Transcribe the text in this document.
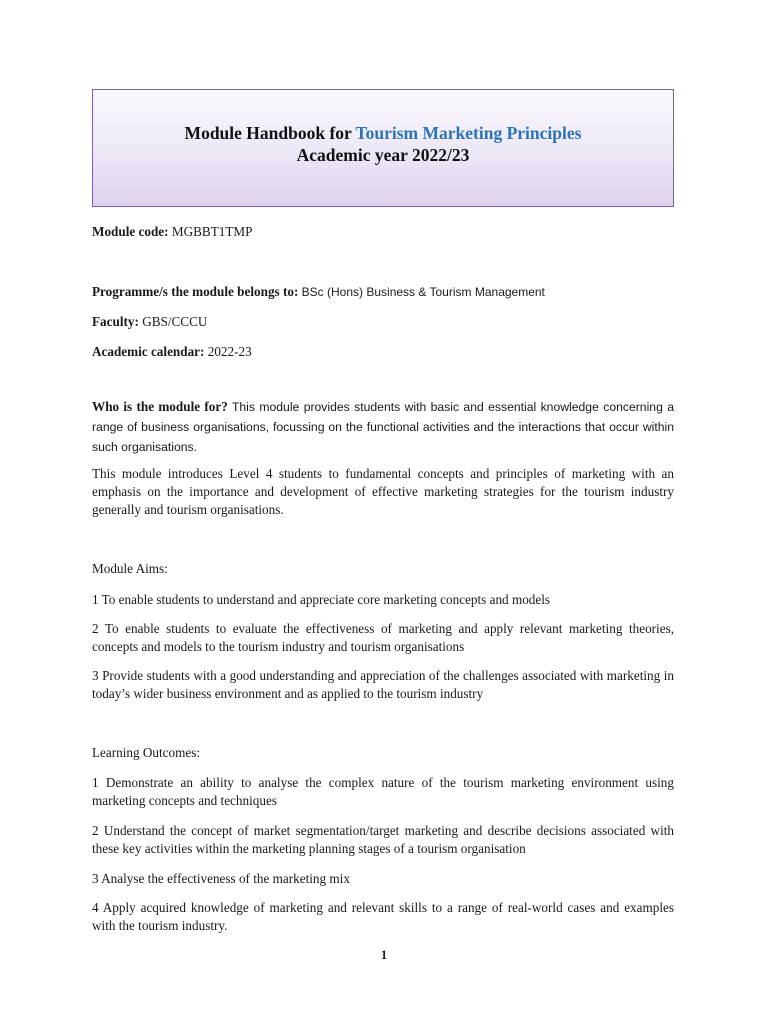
Module Handbook for Tourism Marketing Principles
Academic year 2022/23
Module code: MGBBT1TMP
Programme/s the module belongs to: BSc (Hons) Business & Tourism Management
Faculty: GBS/CCCU
Academic calendar: 2022-23
Who is the module for? This module provides students with basic and essential knowledge concerning a range of business organisations, focussing on the functional activities and the interactions that occur within such organisations.
This module introduces Level 4 students to fundamental concepts and principles of marketing with an emphasis on the importance and development of effective marketing strategies for the tourism industry generally and tourism organisations.
Module Aims:
1 To enable students to understand and appreciate core marketing concepts and models
2 To enable students to evaluate the effectiveness of marketing and apply relevant marketing theories, concepts and models to the tourism industry and tourism organisations
3 Provide students with a good understanding and appreciation of the challenges associated with marketing in today’s wider business environment and as applied to the tourism industry
Learning Outcomes:
1 Demonstrate an ability to analyse the complex nature of the tourism marketing environment using marketing concepts and techniques
2 Understand the concept of market segmentation/target marketing and describe decisions associated with these key activities within the marketing planning stages of a tourism organisation
3 Analyse the effectiveness of the marketing mix
4 Apply acquired knowledge of marketing and relevant skills to a range of real-world cases and examples with the tourism industry.
1
